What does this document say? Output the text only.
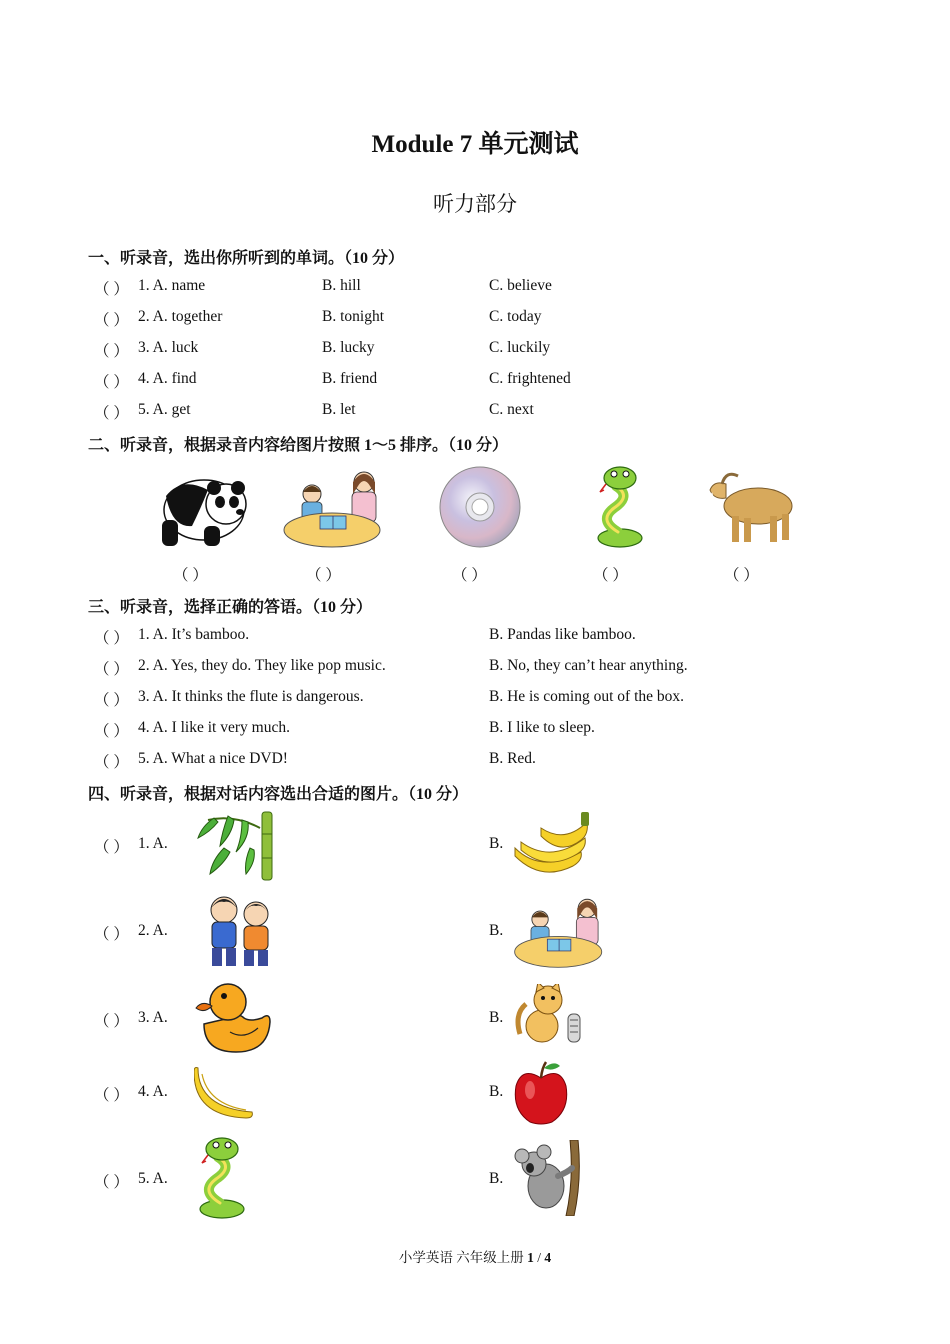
Module 7 单元测试
听力部分
一、听录音，选出你所听到的单词。（10 分）
（ ） 1. A. name	B. hill	C. believe
（ ） 2. A. together	B. tonight	C. today
（ ） 3. A. luck	B. lucky	C. luckily
（ ） 4. A. find	B. friend	C. frightened
（ ） 5. A. get	B. let	C. next
二、听录音，根据录音内容给图片按照 1～5 排序。（10 分）
（ ）	（ ）	（ ）	（ ）	（ ）
三、听录音，选择正确的答语。（10 分）
（ ） 1. A. It’s bamboo.	B. Pandas like bamboo.
（ ） 2. A. Yes, they do. They like pop music.	B. No, they can’t hear anything.
（ ） 3. A. It thinks the flute is dangerous.	B. He is coming out of the box.
（ ） 4. A. I like it very much.	B. I like to sleep.
（ ） 5. A. What a nice DVD!	B. Red.
四、听录音，根据对话内容选出合适的图片。（10 分）
（ ） 1. A.	B.
（ ） 2. A.	B.
（ ） 3. A.	B.
（ ） 4. A.	B.
（ ） 5. A.	B.
小学英语 六年级上册 1 / 4
